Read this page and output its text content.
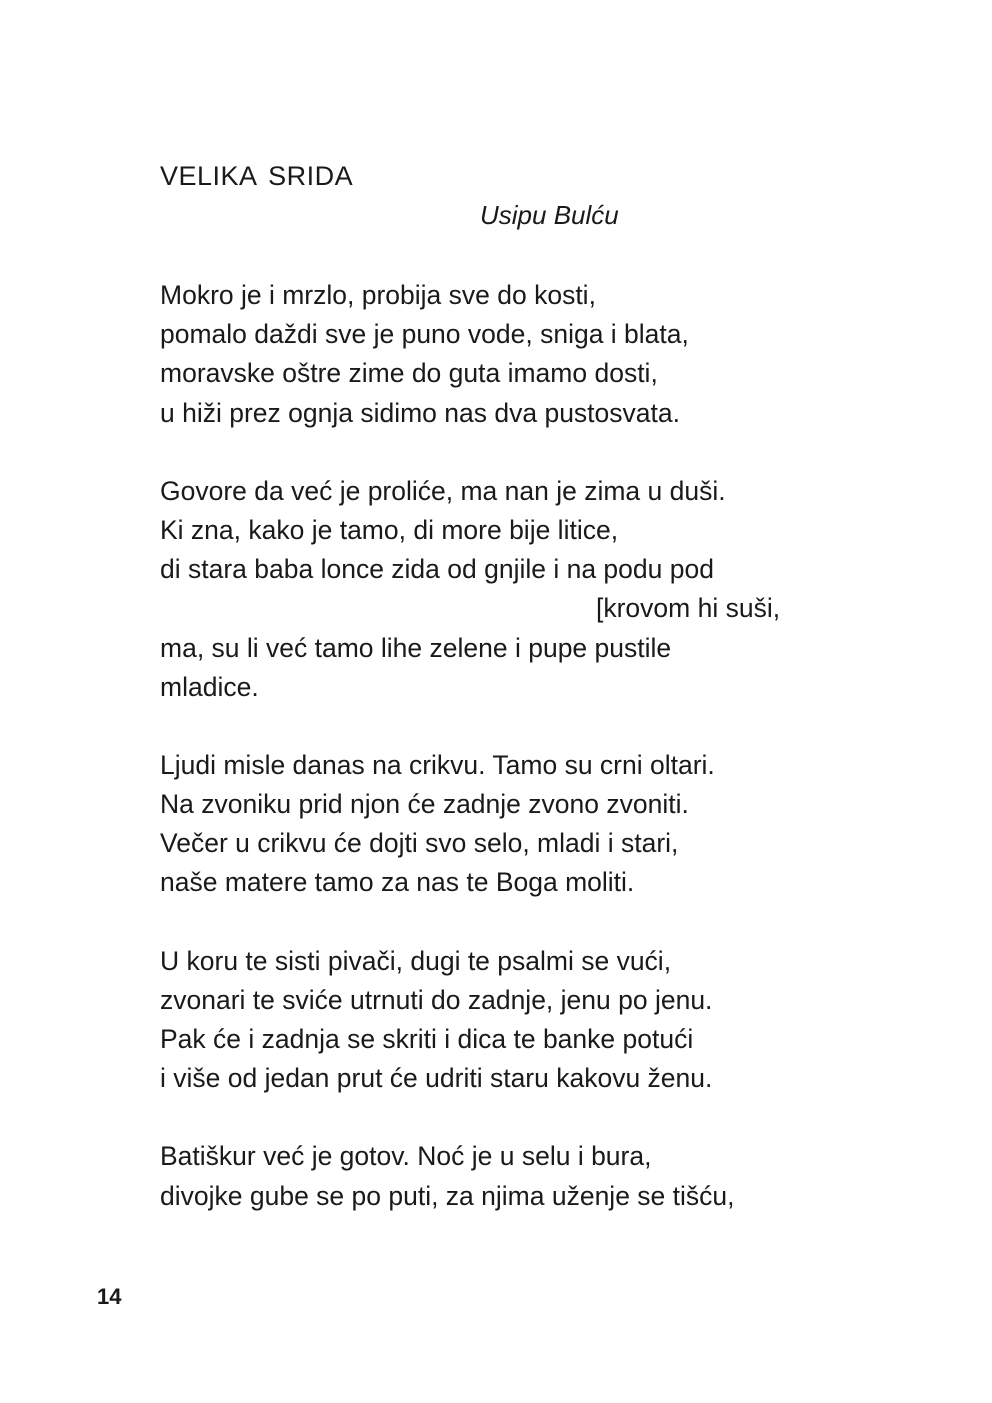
VELIKA SRIDA
Usipu Bulću
Mokro je i mrzlo, probija sve do kosti,
pomalo daždi sve je puno vode, sniga i blata,
moravske oštre zime do guta imamo dosti,
u hiži prez ognja sidimo nas dva pustosvata.
Govore da već je proliće, ma nan je zima u duši.
Ki zna, kako je tamo, di more bije litice,
di stara baba lonce zida od gnjile i na podu pod
[krovom hi suši,
ma, su li već tamo lihe zelene i pupe pustile
mladice.
Ljudi misle danas na crikvu. Tamo su crni oltari.
Na zvoniku prid njon će zadnje zvono zvoniti.
Večer u crikvu će dojti svo selo, mladi i stari,
naše matere tamo za nas te Boga moliti.
U koru te sisti pivači, dugi te psalmi se vući,
zvonari te sviće utrnuti do zadnje, jenu po jenu.
Pak će i zadnja se skriti i dica te banke potući
i više od jedan prut će udriti staru kakovu ženu.
Batiškur već je gotov. Noć je u selu i bura,
divojke gube se po puti, za njima uženje se tišću,
14
